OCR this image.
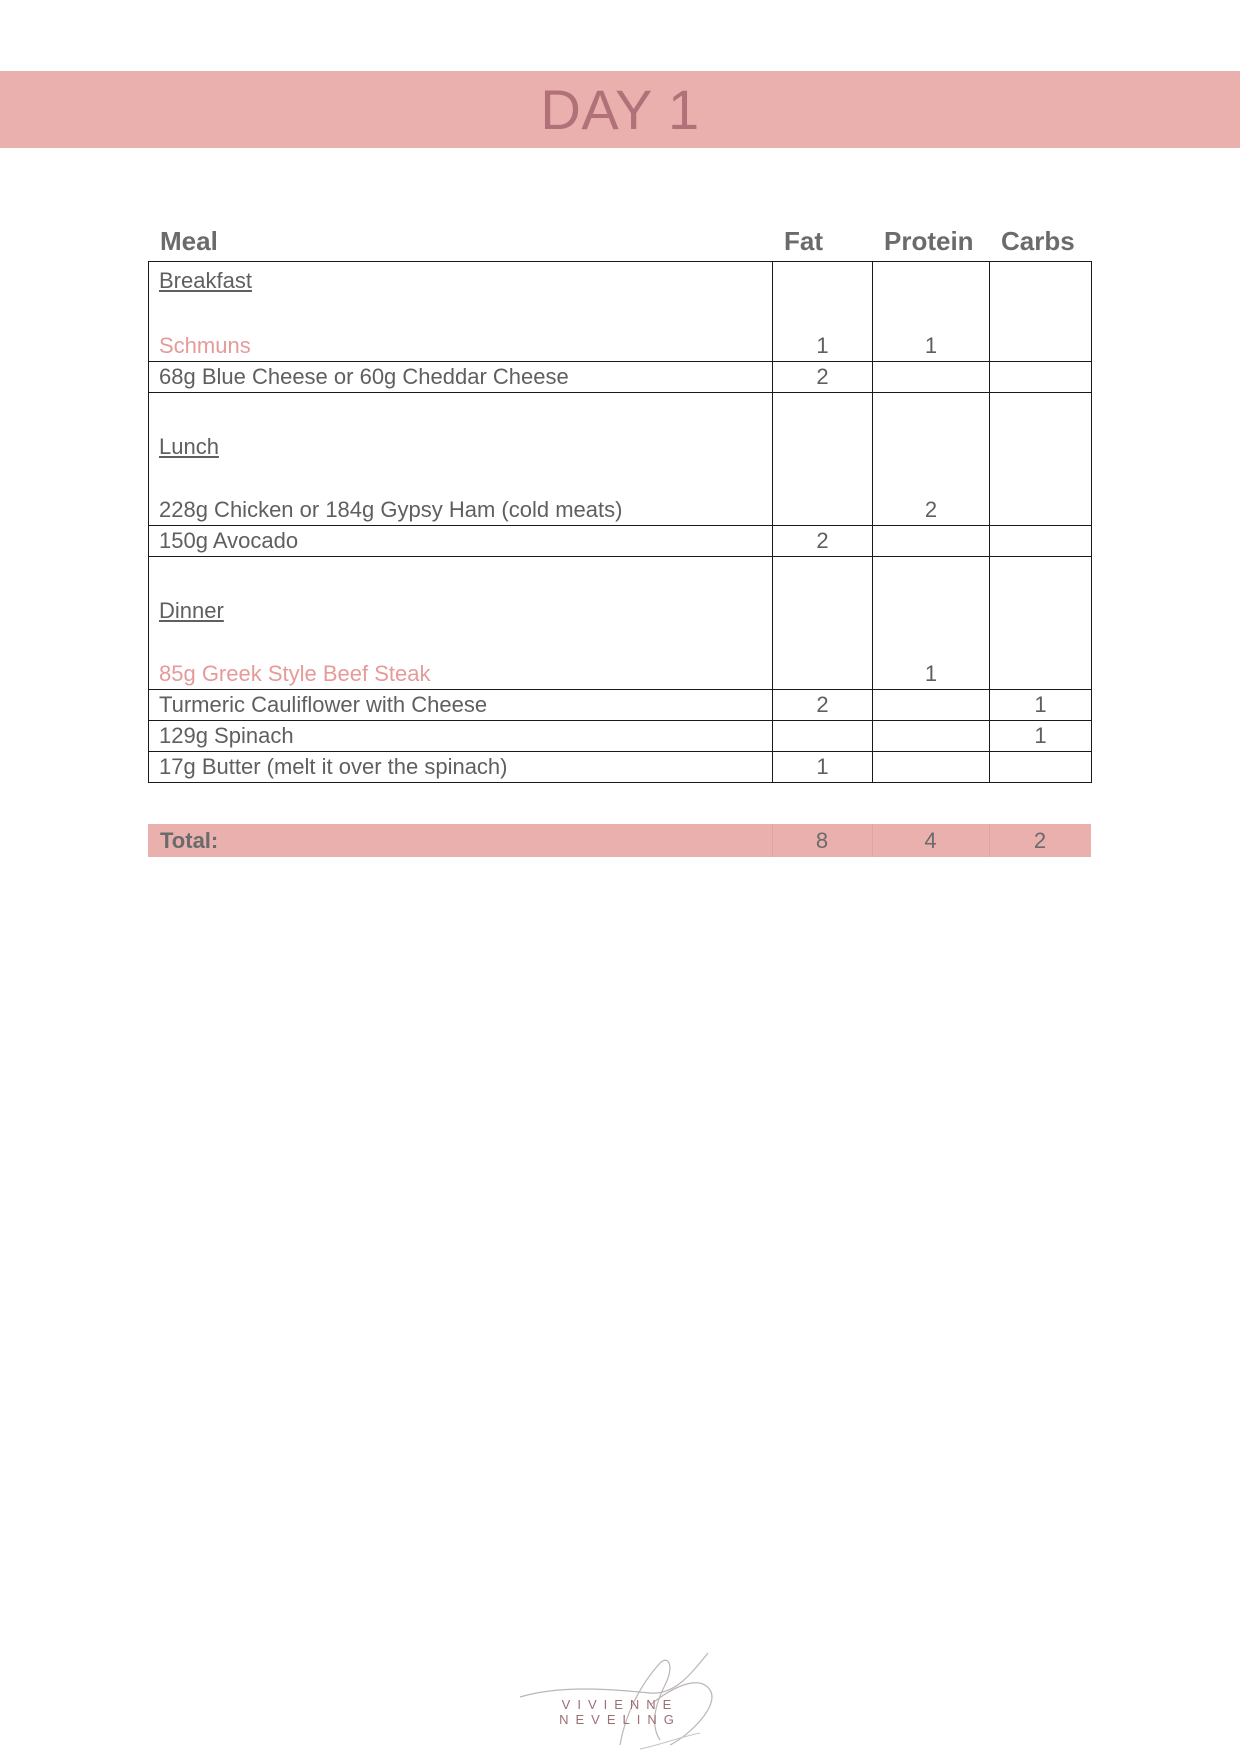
DAY 1
Meal	Fat Protein Carbs
Breakfast
Schmuns	1	1	
68g Blue Cheese or 60g Cheddar Cheese	2		

Lunch
228g Chicken or 184g Gypsy Ham (cold meats)		2	
150g Avocado	2		

Dinner
85g Greek Style Beef Steak		1	
Turmeric Cauliflower with Cheese	2		1
129g Spinach			1
17g Butter (melt it over the spinach)	1		
Total:	8	4	2
VIVIENNE NEVELING
